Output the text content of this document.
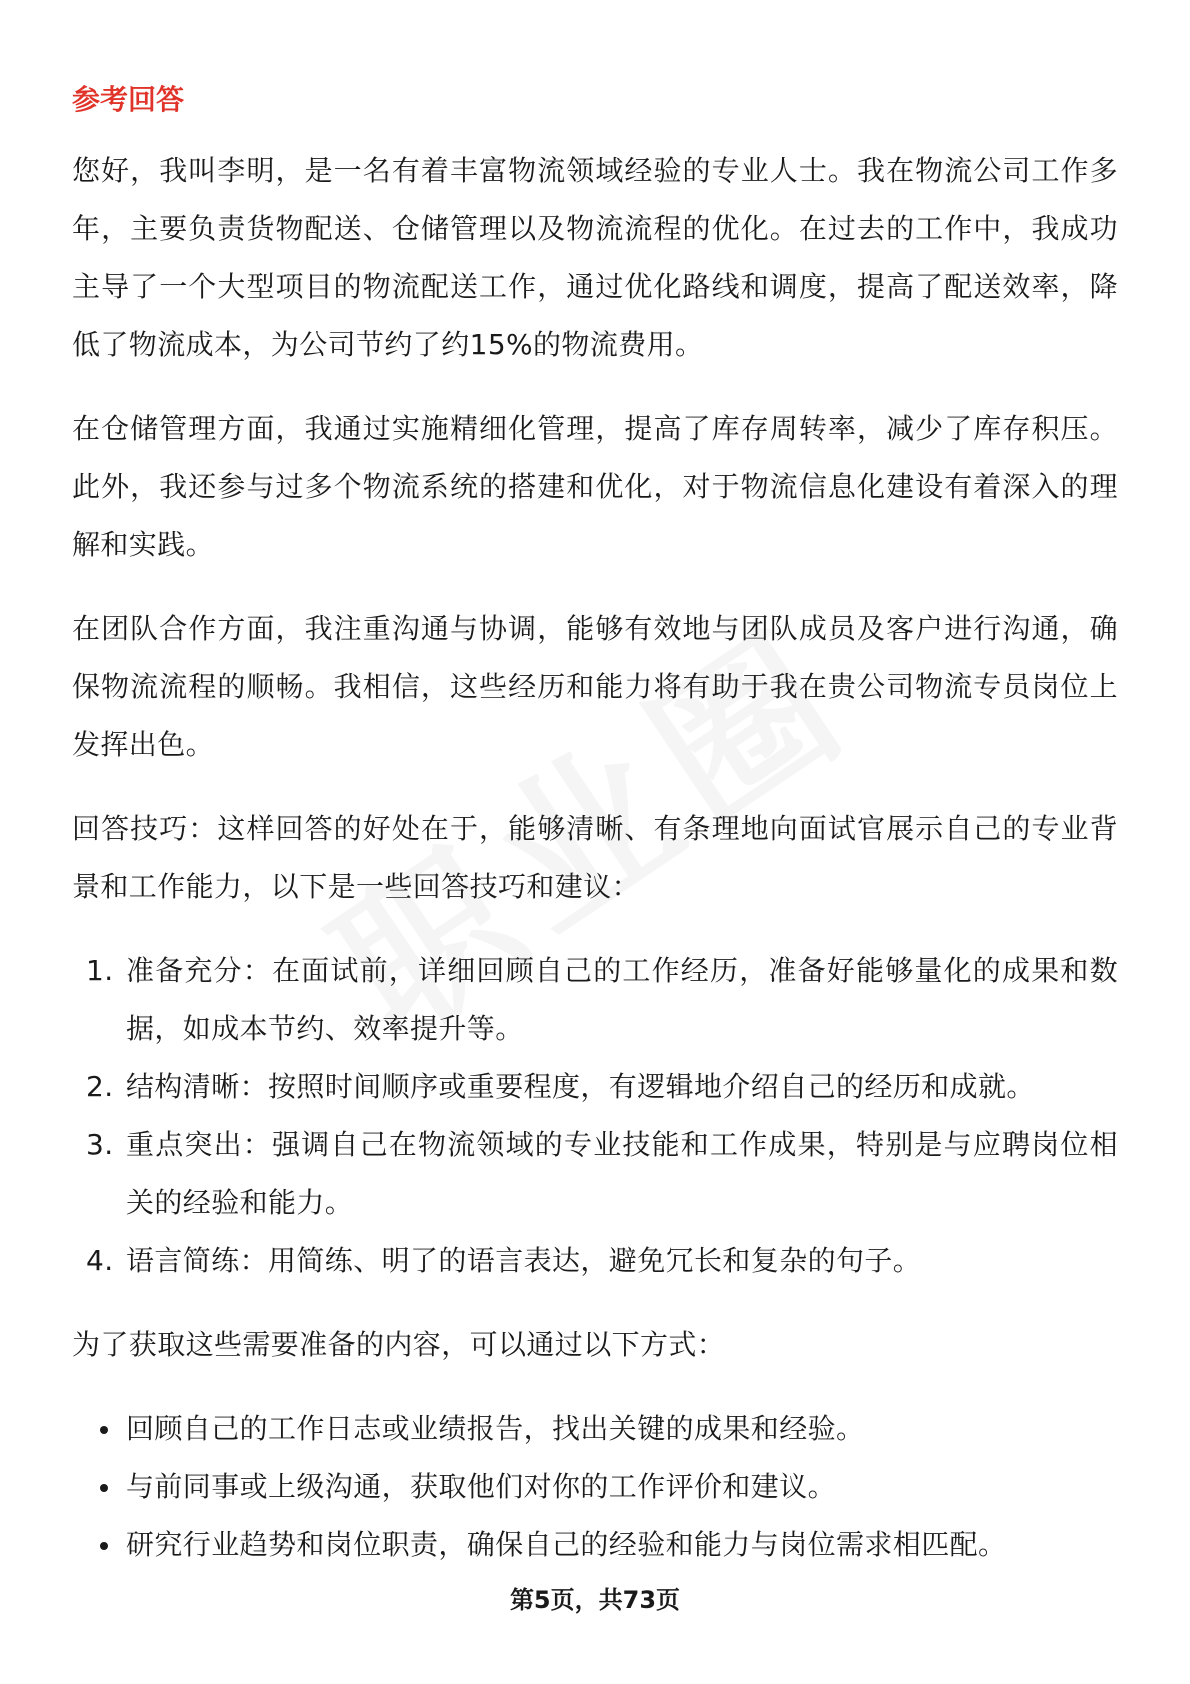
参考回答

您好，我叫李明，是一名有着丰富物流领域经验的专业人士。我在物流公司工作多年，主要负责货物配送、仓储管理以及物流流程的优化。在过去的工作中，我成功主导了一个大型项目的物流配送工作，通过优化路线和调度，提高了配送效率，降低了物流成本，为公司节约了约15%的物流费用。

在仓储管理方面，我通过实施精细化管理，提高了库存周转率，减少了库存积压。此外，我还参与过多个物流系统的搭建和优化，对于物流信息化建设有着深入的理解和实践。

在团队合作方面，我注重沟通与协调，能够有效地与团队成员及客户进行沟通，确保物流流程的顺畅。我相信，这些经历和能力将有助于我在贵公司物流专员岗位上发挥出色。

回答技巧：这样回答的好处在于，能够清晰、有条理地向面试官展示自己的专业背景和工作能力，以下是一些回答技巧和建议：

1. 准备充分：在面试前，详细回顾自己的工作经历，准备好能够量化的成果和数据，如成本节约、效率提升等。
2. 结构清晰：按照时间顺序或重要程度，有逻辑地介绍自己的经历和成就。
3. 重点突出：强调自己在物流领域的专业技能和工作成果，特别是与应聘岗位相关的经验和能力。
4. 语言简练：用简练、明了的语言表达，避免冗长和复杂的句子。

为了获取这些需要准备的内容，可以通过以下方式：

回顾自己的工作日志或业绩报告，找出关键的成果和经验。
与前同事或上级沟通，获取他们对你的工作评价和建议。
研究行业趋势和岗位职责，确保自己的经验和能力与岗位需求相匹配。
第5页，共73页
